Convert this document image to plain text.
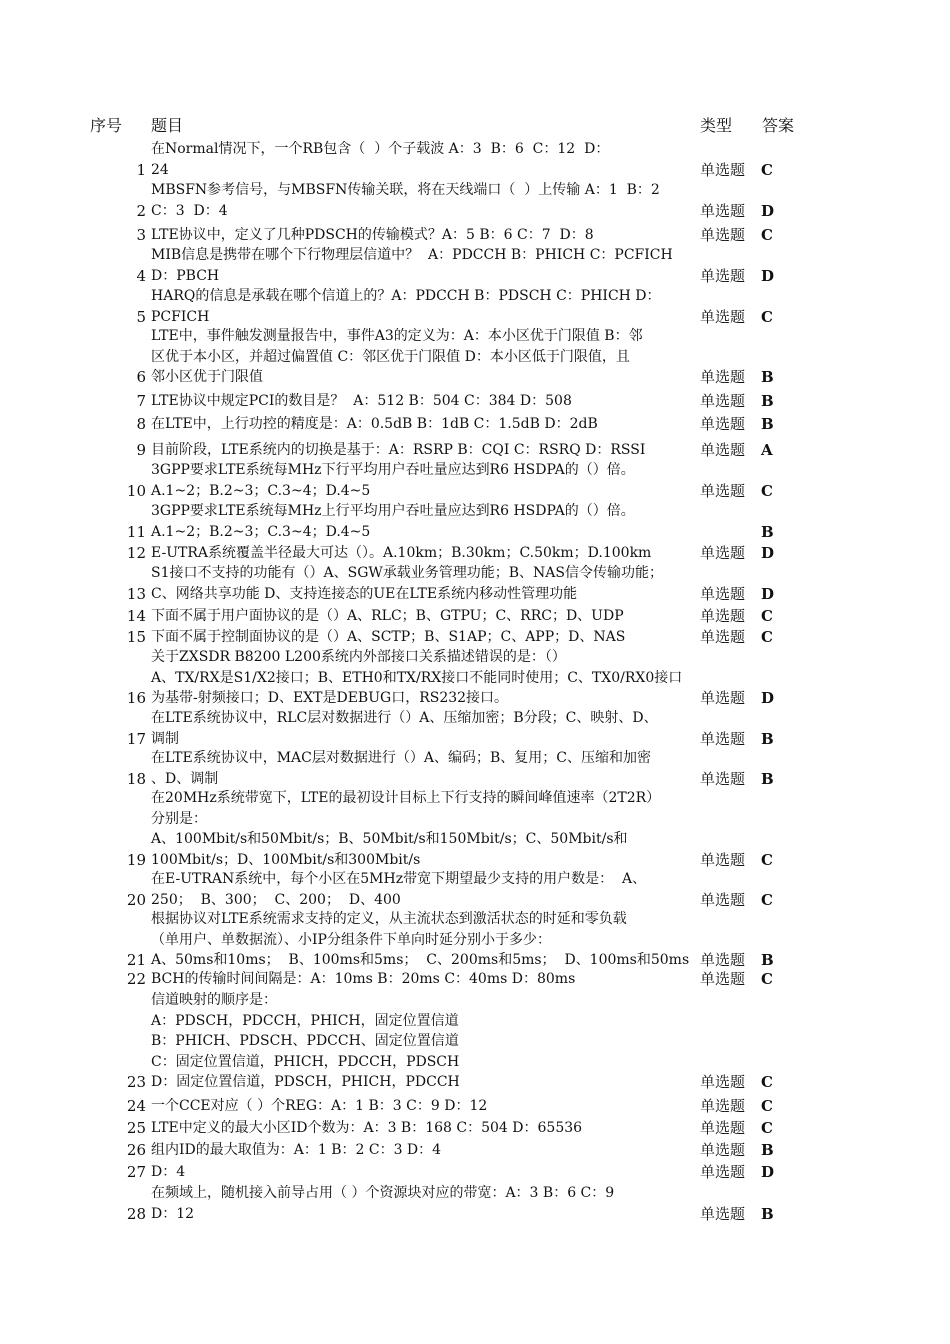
序号 题目	类型 答案
1
在Normal情况下，一个RB包含（  ）个子载波 A：3  B：6  C：12  D：
24	单选题 C
2
MBSFN参考信号，与MBSFN传输关联，将在天线端口（  ）上传输 A：1  B：2
C：3  D：4	单选题 D
3 LTE协议中，定义了几种PDSCH的传输模式？A：5 B：6 C：7  D：8	单选题 C
4
MIB信息是携带在哪个下行物理层信道中？  A：PDCCH B：PHICH C：PCFICH
D：PBCH	单选题 D
5
HARQ的信息是承载在哪个信道上的？A：PDCCH B：PDSCH C：PHICH D：
PCFICH	单选题 C
6
LTE中，事件触发测量报告中，事件A3的定义为：A：本小区优于门限值 B：邻
区优于本小区，并超过偏置值 C：邻区优于门限值 D：本小区低于门限值，且
邻小区优于门限值	单选题 B
7 LTE协议中规定PCI的数目是？  A：512 B：504 C：384 D：508	单选题 B
8 在LTE中，上行功控的精度是：A：0.5dB B：1dB C：1.5dB D：2dB	单选题 B
9 目前阶段，LTE系统内的切换是基于：A：RSRP B：CQI C：RSRQ D：RSSI	单选题 A
10
3GPP要求LTE系统每MHz下行平均用户吞吐量应达到R6 HSDPA的（）倍。
A.1~2；B.2~3；C.3~4；D.4~5	单选题 C
11
3GPP要求LTE系统每MHz上行平均用户吞吐量应达到R6 HSDPA的（）倍。
A.1~2；B.2~3；C.3~4；D.4~5	B
12 E-UTRA系统覆盖半径最大可达（）。A.10km；B.30km；C.50km；D.100km	单选题 D
13
S1接口不支持的功能有（）A、SGW承载业务管理功能；B、NAS信令传输功能；
C、网络共享功能 D、支持连接态的UE在LTE系统内移动性管理功能	单选题 D
14 下面不属于用户面协议的是（）A、RLC；B、GTPU；C、RRC；D、UDP	单选题 C
15 下面不属于控制面协议的是（）A、SCTP；B、S1AP；C、APP；D、NAS	单选题 C
16
关于ZXSDR B8200 L200系统内外部接口关系描述错误的是：（）
A、TX/RX是S1/X2接口；B、ETH0和TX/RX接口不能同时使用；C、TX0/RX0接口
为基带-射频接口；D、EXT是DEBUG口，RS232接口。	单选题 D
17
在LTE系统协议中，RLC层对数据进行（）A、压缩加密；B分段；C、映射、D、
调制	单选题 B
18
在LTE系统协议中，MAC层对数据进行（）A、编码；B、复用；C、压缩和加密
、D、调制	单选题 B
19
在20MHz系统带宽下，LTE的最初设计目标上下行支持的瞬间峰值速率（2T2R）
分别是：
A、100Mbit/s和50Mbit/s；B、50Mbit/s和150Mbit/s；C、50Mbit/s和
100Mbit/s；D、100Mbit/s和300Mbit/s	单选题 C
20
在E-UTRAN系统中，每个小区在5MHz带宽下期望最少支持的用户数是：  A、
250；  B、300；  C、200；  D、400	单选题 C
21
根据协议对LTE系统需求支持的定义，从主流状态到激活状态的时延和零负载
（单用户、单数据流）、小IP分组条件下单向时延分别小于多少：
A、50ms和10ms；  B、100ms和5ms；  C、200ms和5ms；  D、100ms和50ms 单选题 B
22 BCH的传输时间间隔是：A：10ms B：20ms C：40ms D：80ms	单选题 C
23
信道映射的顺序是：
A：PDSCH，PDCCH，PHICH，固定位置信道
B：PHICH、PDSCH、PDCCH、固定位置信道
C：固定位置信道，PHICH，PDCCH，PDSCH
D：固定位置信道，PDSCH，PHICH，PDCCH	单选题 C
24 一个CCE对应（ ）个REG：A：1 B：3 C：9 D：12	单选题 C
25 LTE中定义的最大小区ID个数为：A：3 B：168 C：504 D：65536	单选题 C
26 组内ID的最大取值为：A：1 B：2 C：3 D：4	单选题 B
27 D：4	单选题 D
28
在频域上，随机接入前导占用（ ）个资源块对应的带宽：A：3 B：6 C：9
D：12	单选题 B
